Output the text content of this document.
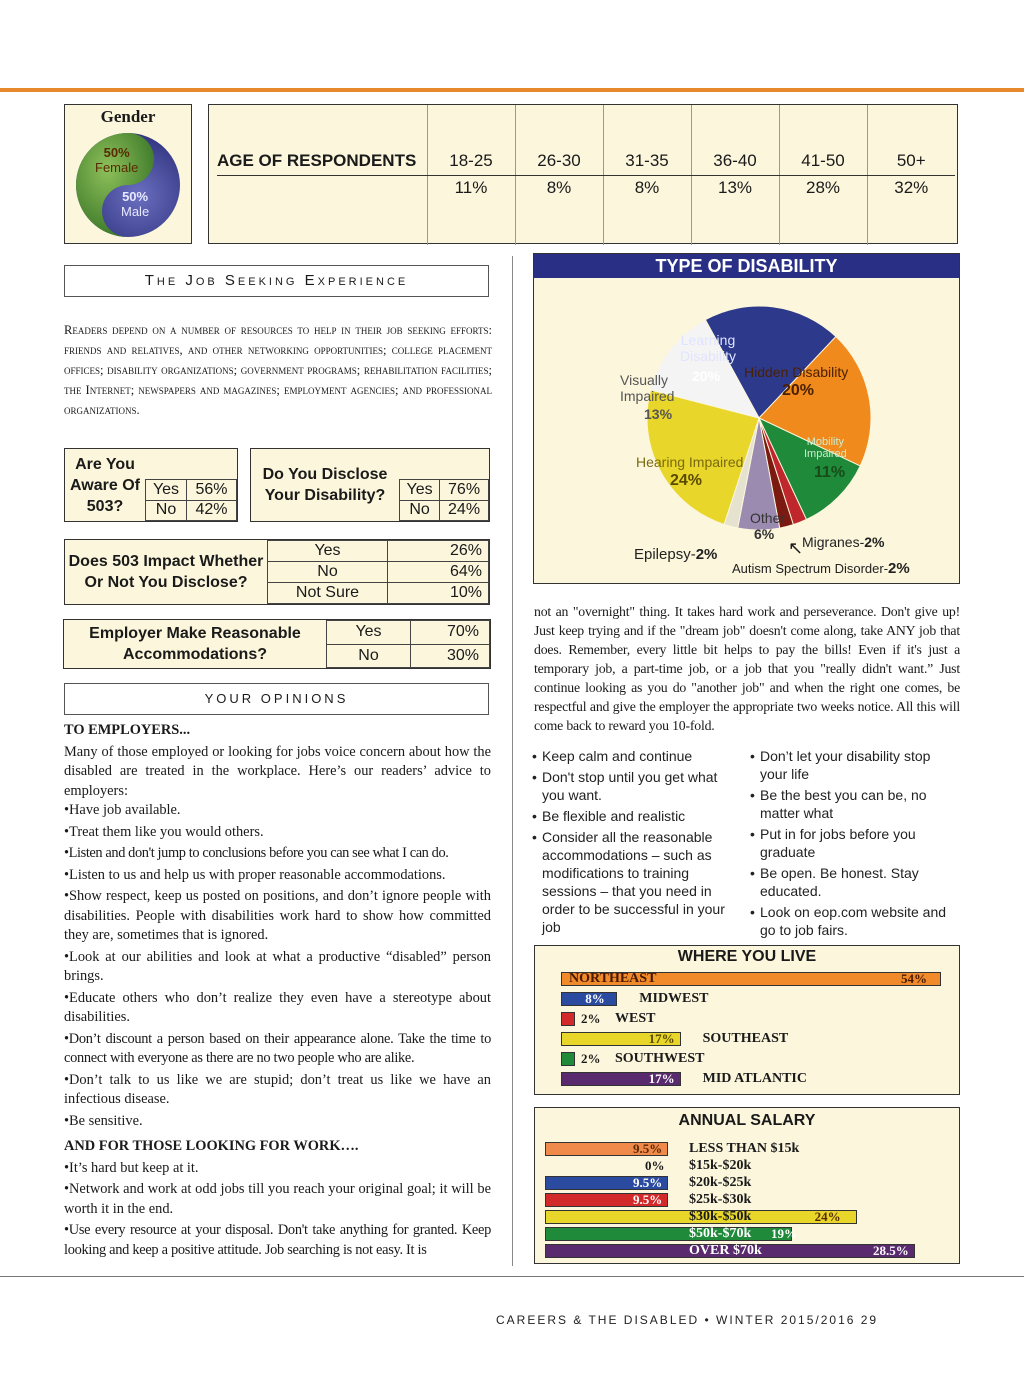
Gender
50%
Female
50%
Male
AGE OF RESPONDENTS	18-25	26-30	31-35	36-40	41-50	50+
	11%	8%	8%	13%	28%	32%
The Job Seeking Experience
Readers depend on a number of resources to help in their job seeking efforts: friends and relatives, and other networking opportunities; college placement offices; disability organizations; government programs; rehabilitation facilities; the Internet; newspapers and magazines; employment agencies; and professional organizations.
Are You Aware Of 503?	
Yes	56%
No	42%
Do You Disclose Your Disability?	Yes	76%
No	24%
Does 503 Impact Whether Or Not You Disclose?	
Yes	26%
No	64%
Not Sure	10%
Employer Make Reasonable Accommodations?	
Yes	70%
No	30%
YOUR OPINIONS

TO EMPLOYERS...

Many of those employed or looking for jobs voice concern about how the disabled are treated in the workplace. Here’s our readers’ advice to employers:

•Have job available.

•Treat them like you would others.

•Listen and don't jump to conclusions before you can see what I can do.

•Listen to us and help us with proper reasonable accommodations.

•Show respect, keep us posted on positions, and don’t ignore people with disabilities. People with disabilities work hard to show how committed they are, sometimes that is ignored.

•Look at our abilities and look at what a productive “disabled” person brings.

•Educate others who don’t realize they even have a stereotype about disabilities.

•Don’t discount a person based on their appearance alone. Take the time to connect with everyone as there are no two people who are alike.

•Don’t talk to us like we are stupid; don’t treat us like we have an infectious disease.

•Be sensitive.

AND FOR THOSE LOOKING FOR WORK….

•It’s hard but keep at it.

•Network and work at odd jobs till you reach your original goal; it will be worth it in the end.

•Use every resource at your disposal. Don't take anything for granted. Keep looking and keep a positive attitude. Job searching is not easy. It is

TYPE OF DISABILITY
Learning
Disability
20% Hidden Disability
20%
Mobility
Impaired
11%
Visually
Impaired
13%
Hearing Impaired
24%
Other
6%
↖
Migranes-2%
Epilepsy-2%
Autism Spectrum Disorder-2%
not an "overnight" thing. It takes hard work and perseverance. Don't give up! Just keep trying and if the "dream job" doesn't come along, take ANY job that does. Remember, every little bit helps to pay the bills! Even if it's just a temporary job, a part-time job, or a job that you "really didn't want.” Just continue looking as you do "another job" and when the right one comes, be respectful and give the employer the appropriate two weeks notice. All this will come back to reward you 10-fold.
• Keep calm and continue
• Don't stop until you get what you want.
• Be flexible and realistic
• Consider all the reasonable accommodations – such as modifications to training sessions – that you need in order to be successful in your job
• Don’t let your disability stop your life
• Be the best you can be, no matter what
• Put in for jobs before you graduate
• Be open. Be honest. Stay educated.
• Look on eop.com website and go to job fairs.
WHERE YOU LIVE
54%
NORTHEAST
8% MIDWEST
2% WEST
17% SOUTHEAST
2% SOUTHWEST
17% MID ATLANTIC
ANNUAL SALARY
9.5% LESS THAN $15k
0% $15k-$20k
9.5% $20k-$25k
9.5% $25k-$30k
24%
$30k-$50k
19%
$50k-$70k
28.5%
OVER $70k
CAREERS & THE DISABLED • WINTER 2015/2016 29
